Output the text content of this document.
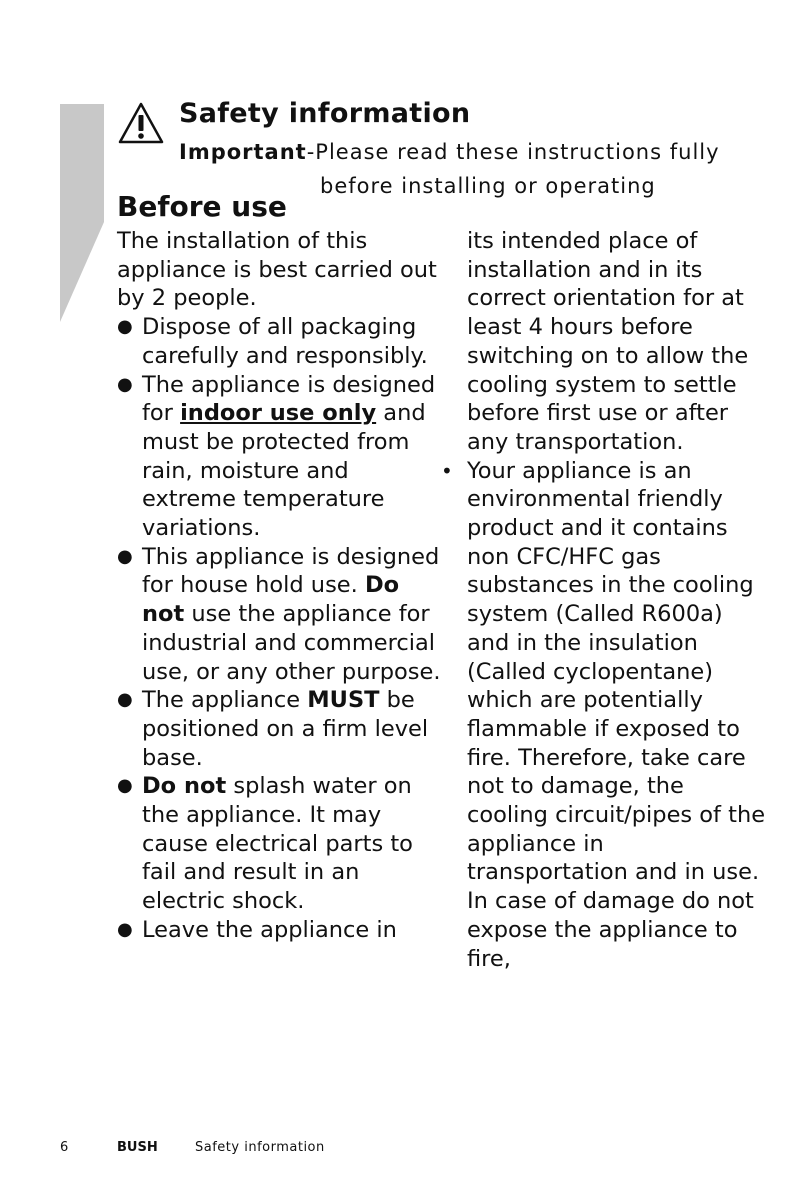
Safety information

Important-Please read these instructions fully

before installing or operating

Before use

The installation of this appliance is best carried out by 2 people.

● Dispose of all packaging carefully and responsibly.
● The appliance is designed for indoor use only and must be protected from rain, moisture and extreme temperature variations.
● This appliance is designed for house hold use. Do not use the appliance for industrial and commercial use, or any other purpose.
● The appliance MUST be positioned on a firm level base.
● Do not splash water on the appliance. It may cause electrical parts to fail and result in an electric shock.
● Leave the appliance in

its intended place of installation and in its correct orientation for at least 4 hours before switching on to allow the cooling system to settle before first use or after any transportation.

• Your appliance is an environmental friendly product and it contains non CFC/HFC gas substances in the cooling system (Called R600a) and in the insulation (Called cyclopentane) which are potentially flammable if exposed to fire. Therefore, take care not to damage, the cooling circuit/pipes of the appliance in transportation and in use. In case of damage do not expose the appliance to fire,

6	BUSH	Safety information
